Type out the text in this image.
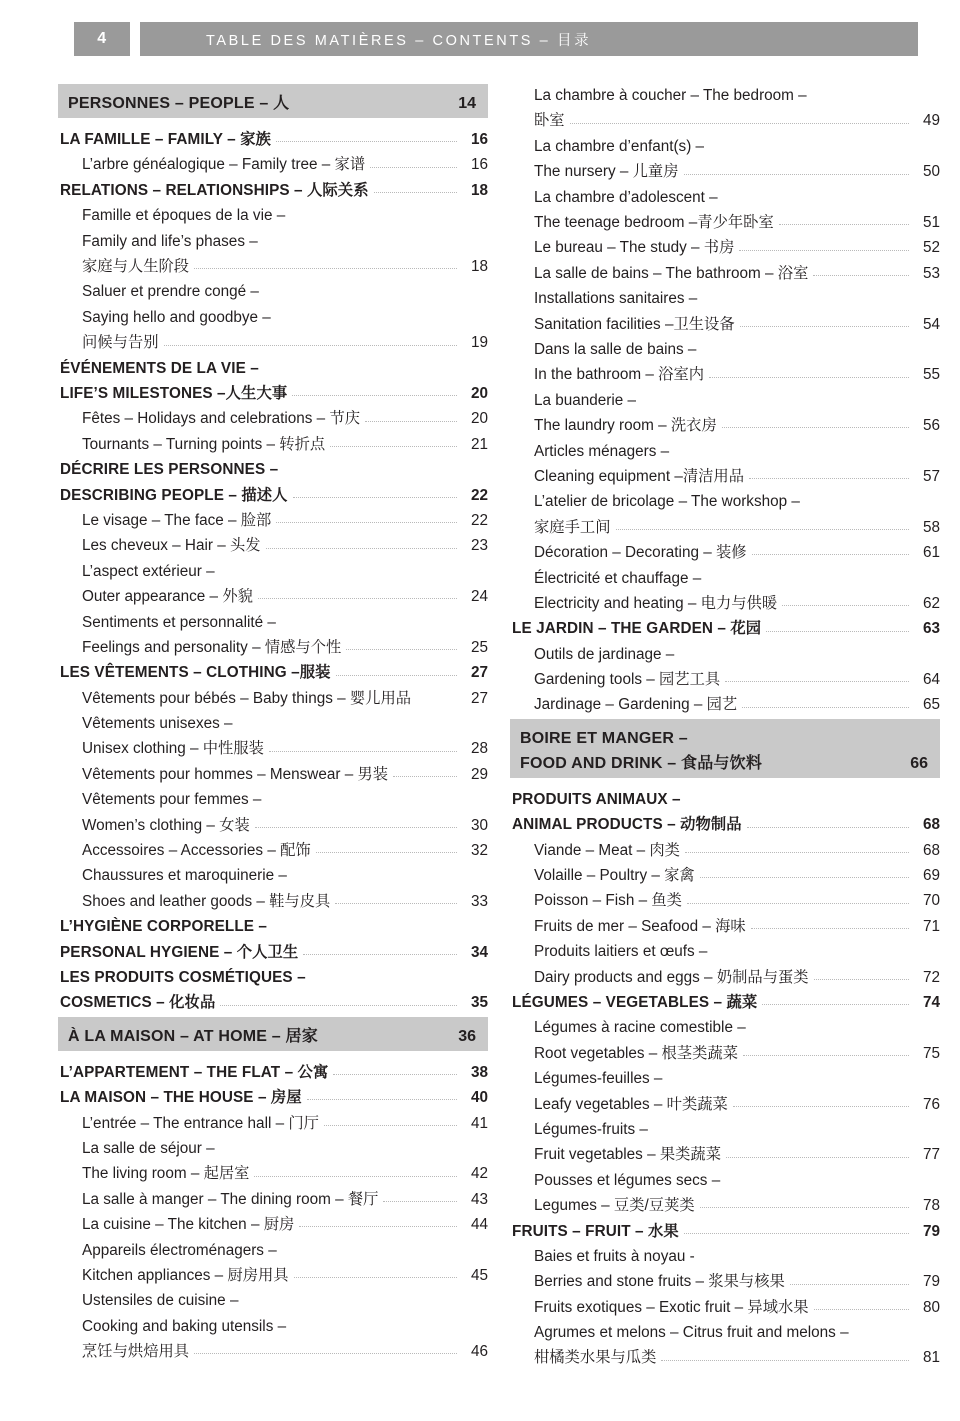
4	TABLE DES MATIÈRES – CONTENTS – 目录
PERSONNES – PEOPLE – 人	14
LA FAMILLE – FAMILY – 家族	16
L’arbre généalogique – Family tree – 家谱	16
RELATIONS – RELATIONSHIPS – 人际关系	18
Famille et époques de la vie –
Family and life’s phases –
家庭与人生阶段	18
Saluer et prendre congé –
Saying hello and goodbye –
问候与告别	19
ÉVÉNEMENTS DE LA VIE –
LIFE’S MILESTONES –人生大事	20
Fêtes – Holidays and celebrations – 节庆	20
Tournants – Turning points – 转折点	21
DÉCRIRE LES PERSONNES –
DESCRIBING PEOPLE – 描述人	22
Le visage – The face – 脸部	22
Les cheveux – Hair – 头发	23
L’aspect extérieur –
Outer appearance – 外貌	24
Sentiments et personnalité –
Feelings and personality – 情感与个性	25
LES VÊTEMENTS – CLOTHING –服装	27
Vêtements pour bébés – Baby things – 婴儿用品	27
Vêtements unisexes –
Unisex clothing – 中性服装	28
Vêtements pour hommes – Menswear – 男装	29
Vêtements pour femmes –
Women’s clothing – 女装	30
Accessoires – Accessories – 配饰	32
Chaussures et maroquinerie –
Shoes and leather goods – 鞋与皮具	33
L’HYGIÈNE CORPORELLE –
PERSONAL HYGIENE – 个人卫生	34
LES PRODUITS COSMÉTIQUES –
COSMETICS – 化妆品	35
À LA MAISON – AT HOME – 居家	36
L’APPARTEMENT – THE FLAT – 公寓	38
LA MAISON – THE HOUSE – 房屋	40
L’entrée – The entrance hall – 门厅	41
La salle de séjour –
The living room – 起居室	42
La salle à manger – The dining room – 餐厅	43
La cuisine – The kitchen – 厨房	44
Appareils électroménagers –
Kitchen appliances – 厨房用具	45
Ustensiles de cuisine –
Cooking and baking utensils –
烹饪与烘焙用具	46
La chambre à coucher – The bedroom –
卧室	49
La chambre d’enfant(s) –
The nursery – 儿童房	50
La chambre d’adolescent –
The teenage bedroom –青少年卧室	51
Le bureau – The study – 书房	52
La salle de bains – The bathroom – 浴室	53
Installations sanitaires –
Sanitation facilities –卫生设备	54
Dans la salle de bains –
In the bathroom – 浴室内	55
La buanderie –
The laundry room – 洗衣房	56
Articles ménagers –
Cleaning equipment –清洁用品	57
L’atelier de bricolage – The workshop –
家庭手工间	58
Décoration – Decorating – 装修	61
Électricité et chauffage –
Electricity and heating – 电力与供暖	62
LE JARDIN – THE GARDEN – 花园	63
Outils de jardinage –
Gardening tools – 园艺工具	64
Jardinage – Gardening – 园艺	65
BOIRE ET MANGER –
FOOD AND DRINK – 食品与饮料	66
PRODUITS ANIMAUX –
ANIMAL PRODUCTS – 动物制品	68
Viande – Meat – 肉类	68
Volaille – Poultry – 家禽	69
Poisson – Fish – 鱼类	70
Fruits de mer – Seafood – 海味	71
Produits laitiers et œufs –
Dairy products and eggs – 奶制品与蛋类	72
LÉGUMES – VEGETABLES – 蔬菜	74
Légumes à racine comestible –
Root vegetables – 根茎类蔬菜	75
Légumes-feuilles –
Leafy vegetables – 叶类蔬菜	76
Légumes-fruits –
Fruit vegetables – 果类蔬菜	77
Pousses et légumes secs –
Legumes – 豆类/豆荚类	78
FRUITS – FRUIT – 水果	79
Baies et fruits à noyau -
Berries and stone fruits – 浆果与核果	79
Fruits exotiques – Exotic fruit – 异域水果	80
Agrumes et melons – Citrus fruit and melons –
柑橘类水果与瓜类	81
